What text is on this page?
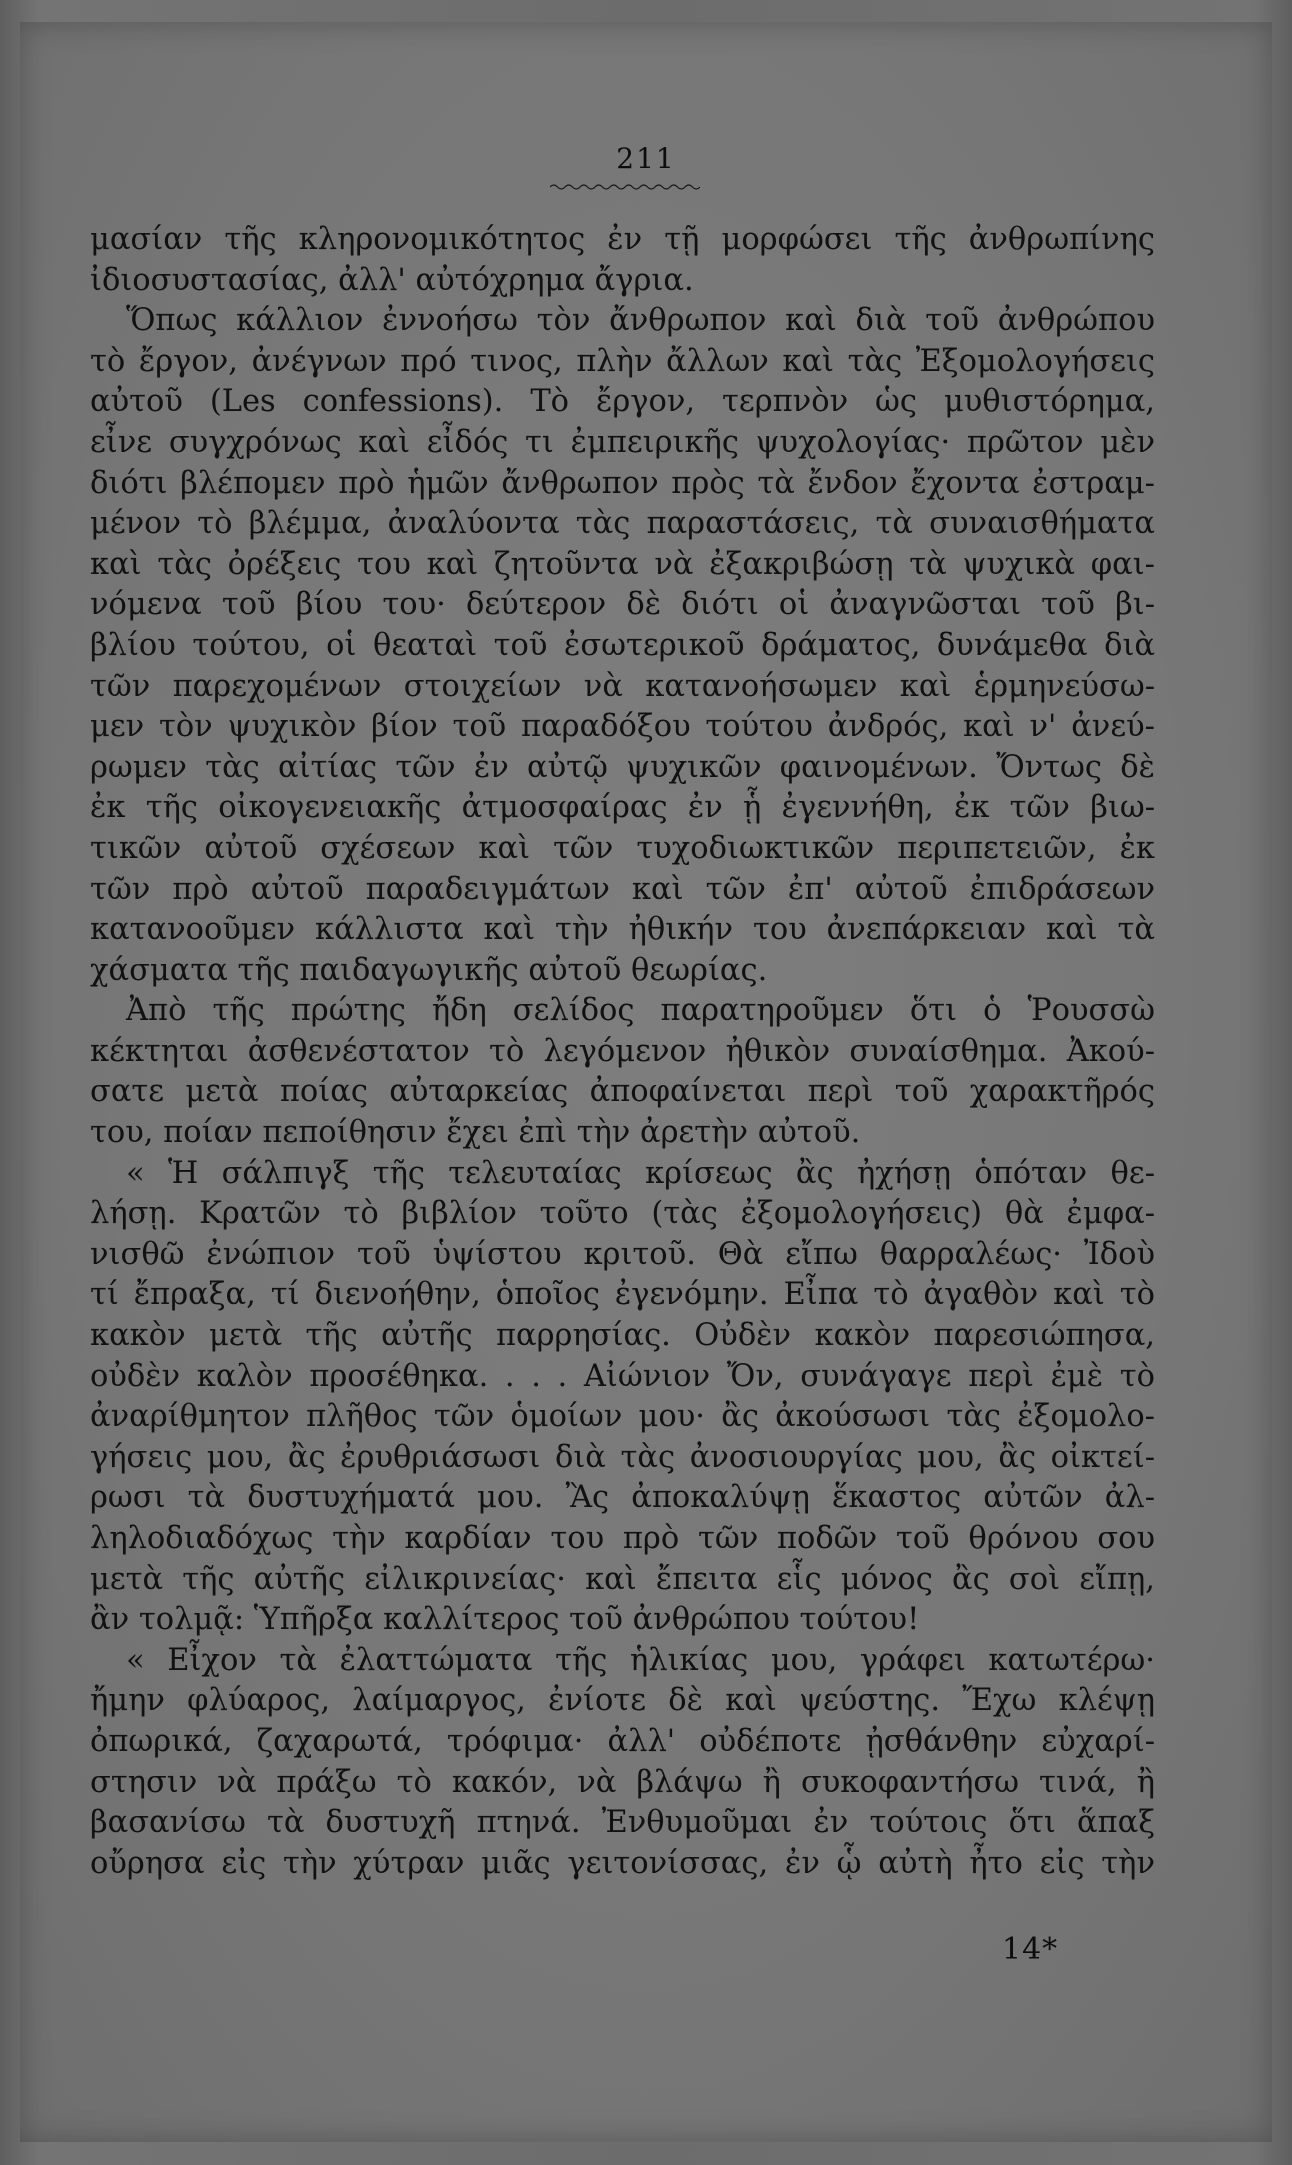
211
μασίαν τῆς κληρονομικότητος ἐν τῇ μορφώσει τῆς ἀνθρωπίνης
ἰδιοσυστασίας, ἀλλ' αὐτόχρημα ἄγρια.
Ὅπως κάλλιον ἐννοήσω τὸν ἄνθρωπον καὶ διὰ τοῦ ἀνθρώπου
τὸ ἔργον, ἀνέγνων πρό τινος, πλὴν ἄλλων καὶ τὰς Ἐξομολογήσεις
αὐτοῦ (Les confessions). Τὸ ἔργον, τερπνὸν ὡς μυθιστόρημα,
εἶνε συγχρόνως καὶ εἶδός τι ἐμπειρικῆς ψυχολογίας· πρῶτον μὲν
διότι βλέπομεν πρὸ ἡμῶν ἄνθρωπον πρὸς τὰ ἔνδον ἔχοντα ἐστραμ-
μένον τὸ βλέμμα, ἀναλύοντα τὰς παραστάσεις, τὰ συναισθήματα
καὶ τὰς ὀρέξεις του καὶ ζητοῦντα νὰ ἐξακριβώσῃ τὰ ψυχικὰ φαι-
νόμενα τοῦ βίου του· δεύτερον δὲ διότι οἱ ἀναγνῶσται τοῦ βι-
βλίου τούτου, οἱ θεαταὶ τοῦ ἐσωτερικοῦ δράματος, δυνάμεθα διὰ
τῶν παρεχομένων στοιχείων νὰ κατανοήσωμεν καὶ ἑρμηνεύσω-
μεν τὸν ψυχικὸν βίον τοῦ παραδόξου τούτου ἀνδρός, καὶ ν' ἀνεύ-
ρωμεν τὰς αἰτίας τῶν ἐν αὐτῷ ψυχικῶν φαινομένων. Ὄντως δὲ
ἐκ τῆς οἰκογενειακῆς ἀτμοσφαίρας ἐν ᾗ ἐγεννήθη, ἐκ τῶν βιω-
τικῶν αὐτοῦ σχέσεων καὶ τῶν τυχοδιωκτικῶν περιπετειῶν, ἐκ
τῶν πρὸ αὐτοῦ παραδειγμάτων καὶ τῶν ἐπ' αὐτοῦ ἐπιδράσεων
κατανοοῦμεν κάλλιστα καὶ τὴν ἠθικήν του ἀνεπάρκειαν καὶ τὰ
χάσματα τῆς παιδαγωγικῆς αὐτοῦ θεωρίας.
Ἀπὸ τῆς πρώτης ἤδη σελίδος παρατηροῦμεν ὅτι ὁ Ῥουσσὼ
κέκτηται ἀσθενέστατον τὸ λεγόμενον ἠθικὸν συναίσθημα. Ἀκού-
σατε μετὰ ποίας αὐταρκείας ἀποφαίνεται περὶ τοῦ χαρακτῆρός
του, ποίαν πεποίθησιν ἔχει ἐπὶ τὴν ἀρετὴν αὐτοῦ.
« Ἡ σάλπιγξ τῆς τελευταίας κρίσεως ἂς ἠχήσῃ ὁπόταν θε-
λήσῃ. Κρατῶν τὸ βιβλίον τοῦτο (τὰς ἐξομολογήσεις) θὰ ἐμφα-
νισθῶ ἐνώπιον τοῦ ὑψίστου κριτοῦ. Θὰ εἴπω θαρραλέως· Ἰδοὺ
τί ἔπραξα, τί διενοήθην, ὁποῖος ἐγενόμην. Εἶπα τὸ ἀγαθὸν καὶ τὸ
κακὸν μετὰ τῆς αὐτῆς παρρησίας. Οὐδὲν κακὸν παρεσιώπησα,
οὐδὲν καλὸν προσέθηκα. . . . Αἰώνιον Ὄν, συνάγαγε περὶ ἐμὲ τὸ
ἀναρίθμητον πλῆθος τῶν ὁμοίων μου· ἂς ἀκούσωσι τὰς ἐξομολο-
γήσεις μου, ἂς ἐρυθριάσωσι διὰ τὰς ἀνοσιουργίας μου, ἂς οἰκτεί-
ρωσι τὰ δυστυχήματά μου. Ἂς ἀποκαλύψῃ ἕκαστος αὐτῶν ἀλ-
ληλοδιαδόχως τὴν καρδίαν του πρὸ τῶν ποδῶν τοῦ θρόνου σου
μετὰ τῆς αὐτῆς εἰλικρινείας· καὶ ἔπειτα εἷς μόνος ἂς σοὶ εἴπῃ,
ἂν τολμᾷ: Ὑπῆρξα καλλίτερος τοῦ ἀνθρώπου τούτου!
« Εἶχον τὰ ἐλαττώματα τῆς ἡλικίας μου, γράφει κατωτέρω·
ἤμην φλύαρος, λαίμαργος, ἐνίοτε δὲ καὶ ψεύστης. Ἔχω κλέψῃ
ὀπωρικά, ζαχαρωτά, τρόφιμα· ἀλλ' οὐδέποτε ᾐσθάνθην εὐχαρί-
στησιν νὰ πράξω τὸ κακόν, νὰ βλάψω ἢ συκοφαντήσω τινά, ἢ
βασανίσω τὰ δυστυχῆ πτηνά. Ἐνθυμοῦμαι ἐν τούτοις ὅτι ἅπαξ
οὔρησα εἰς τὴν χύτραν μιᾶς γειτονίσσας, ἐν ᾧ αὐτὴ ἦτο εἰς τὴν
14*
